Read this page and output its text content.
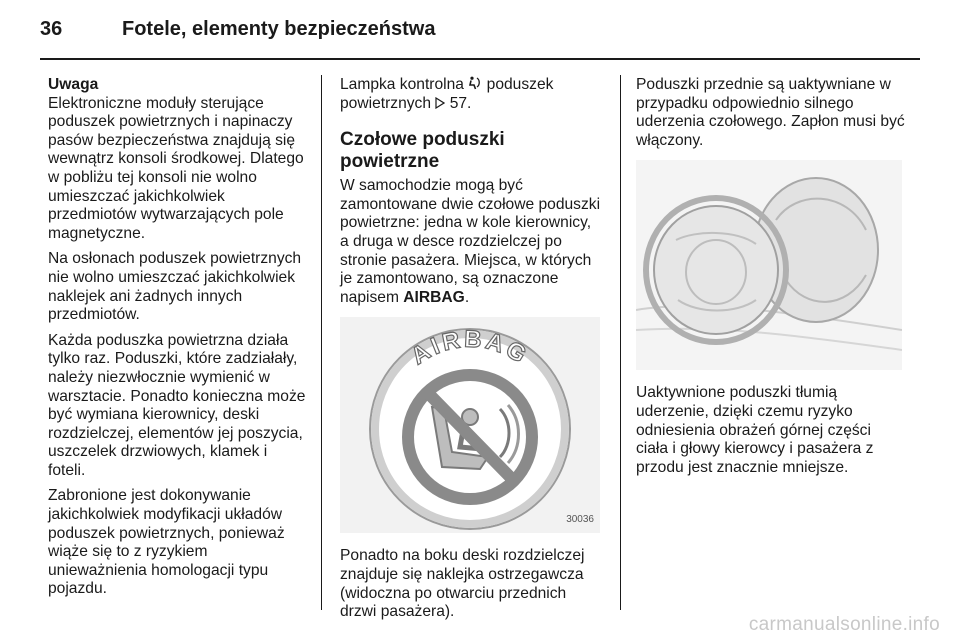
36	Fotele, elementy bezpieczeństwa

Uwaga
Elektroniczne moduły sterujące poduszek powietrznych i napinaczy pasów bezpieczeństwa znajdują się wewnątrz konsoli środkowej. Dlatego w pobliżu tej konsoli nie wolno umieszczać jakichkolwiek przedmiotów wytwarzających pole magnetyczne.

Na osłonach poduszek powietrznych nie wolno umieszczać jakichkolwiek naklejek ani żadnych innych przedmiotów.

Każda poduszka powietrzna działa tylko raz. Poduszki, które zadziałały, należy niezwłocznie wymienić w warsztacie. Ponadto konieczna może być wymiana kierownicy, deski rozdzielczej, elementów jej poszycia, uszczelek drzwiowych, klamek i foteli.

Zabronione jest dokonywanie jakichkolwiek modyfikacji układów poduszek powietrznych, ponieważ wiąże się to z ryzykiem unieważnienia homologacji typu pojazdu.

Lampka kontrolna poduszek powietrznych 57.

Czołowe poduszki powietrzne

W samochodzie mogą być zamontowane dwie czołowe poduszki powietrzne: jedna w kole kierownicy, a druga w desce rozdzielczej po stronie pasażera. Miejsca, w których je zamontowano, są oznaczone napisem AIRBAG.

AIRBAG
30036

Ponadto na boku deski rozdzielczej znajduje się naklejka ostrzegawcza (widoczna po otwarciu przednich drzwi pasażera).

Poduszki przednie są uaktywniane w przypadku odpowiednio silnego uderzenia czołowego. Zapłon musi być włączony.

Uaktywnione poduszki tłumią uderzenie, dzięki czemu ryzyko odniesienia obrażeń górnej części ciała i głowy kierowcy i pasażera z przodu jest znacznie mniejsze.

carmanualsonline.info
